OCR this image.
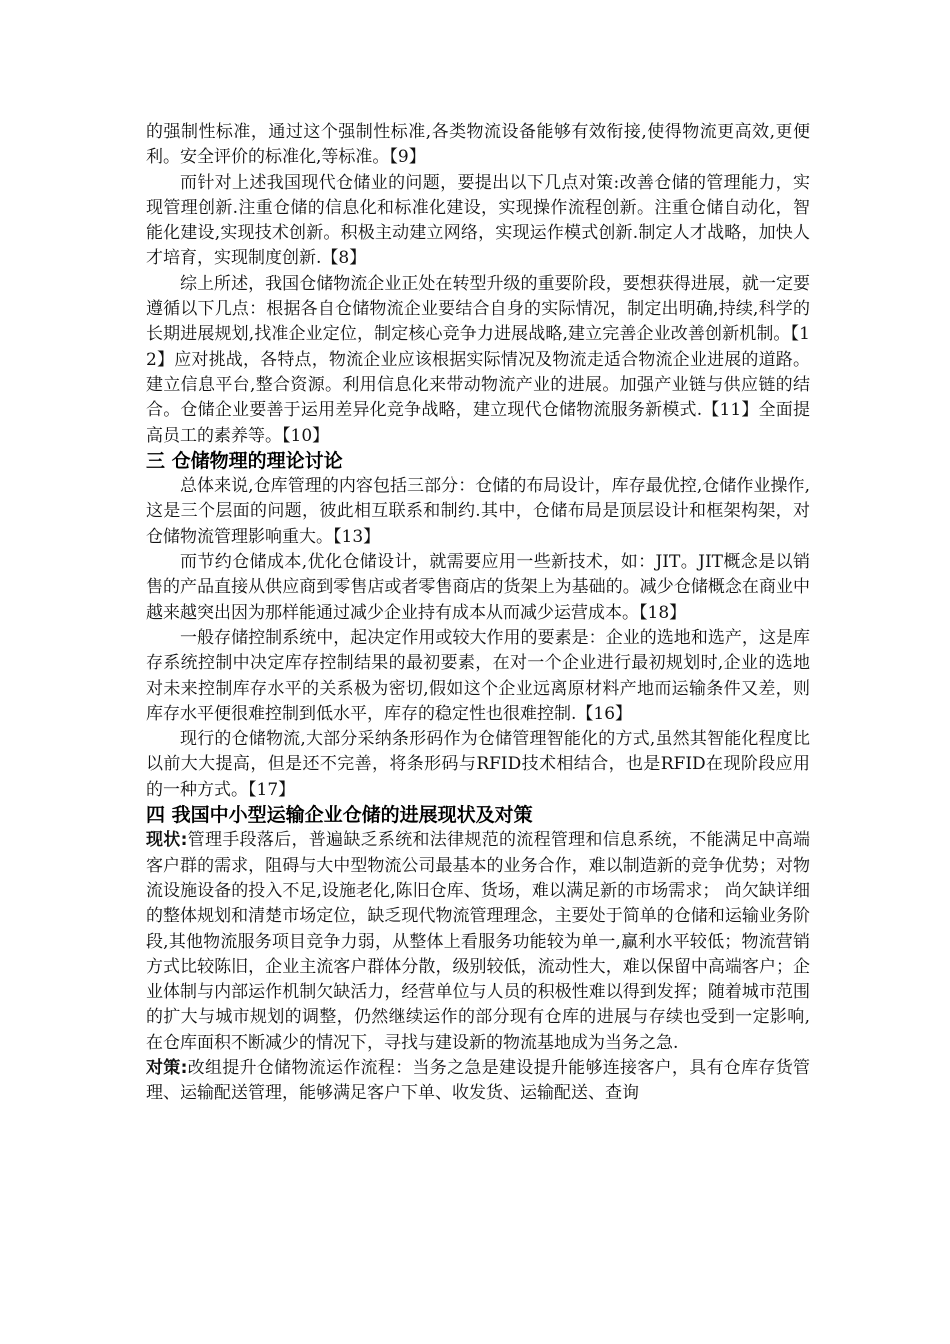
的强制性标准，通过这个强制性标准,各类物流设备能够有效衔接,使得物流更高效,更便利。安全评价的标准化,等标准。【9】

而针对上述我国现代仓储业的问题，要提出以下几点对策:改善仓储的管理能力，实现管理创新.注重仓储的信息化和标准化建设，实现操作流程创新。注重仓储自动化，智能化建设,实现技术创新。积极主动建立网络，实现运作模式创新.制定人才战略，加快人才培育，实现制度创新.【8】

综上所述，我国仓储物流企业正处在转型升级的重要阶段，要想获得进展，就一定要遵循以下几点：根据各自仓储物流企业要结合自身的实际情况，制定出明确,持续,科学的长期进展规划,找准企业定位，制定核心竞争力进展战略,建立完善企业改善创新机制。【12】应对挑战，各特点，物流企业应该根据实际情况及物流走适合物流企业进展的道路。建立信息平台,整合资源。利用信息化来带动物流产业的进展。加强产业链与供应链的结合。仓储企业要善于运用差异化竞争战略，建立现代仓储物流服务新模式.【11】全面提高员工的素养等。【10】

三 仓储物理的理论讨论

总体来说,仓库管理的内容包括三部分：仓储的布局设计，库存最优控,仓储作业操作,这是三个层面的问题，彼此相互联系和制约.其中，仓储布局是顶层设计和框架构架，对仓储物流管理影响重大。【13】

而节约仓储成本,优化仓储设计，就需要应用一些新技术，如：JIT。JIT概念是以销售的产品直接从供应商到零售店或者零售商店的货架上为基础的。减少仓储概念在商业中越来越突出因为那样能通过减少企业持有成本从而减少运营成本。【18】

一般存储控制系统中，起决定作用或较大作用的要素是：企业的选地和选产，这是库存系统控制中决定库存控制结果的最初要素，在对一个企业进行最初规划时,企业的选地对未来控制库存水平的关系极为密切,假如这个企业远离原材料产地而运输条件又差，则库存水平便很难控制到低水平，库存的稳定性也很难控制.【16】

现行的仓储物流,大部分采纳条形码作为仓储管理智能化的方式,虽然其智能化程度比以前大大提高，但是还不完善，将条形码与RFID技术相结合，也是RFID在现阶段应用的一种方式。【17】

四 我国中小型运输企业仓储的进展现状及对策

现状:管理手段落后，普遍缺乏系统和法律规范的流程管理和信息系统，不能满足中高端客户群的需求，阻碍与大中型物流公司最基本的业务合作，难以制造新的竞争优势；对物流设施设备的投入不足,设施老化,陈旧仓库、货场，难以满足新的市场需求； 尚欠缺详细的整体规划和清楚市场定位，缺乏现代物流管理理念，主要处于简单的仓储和运输业务阶段,其他物流服务项目竞争力弱，从整体上看服务功能较为单一,赢利水平较低；物流营销方式比较陈旧，企业主流客户群体分散，级别较低，流动性大，难以保留中高端客户；企业体制与内部运作机制欠缺活力，经营单位与人员的积极性难以得到发挥；随着城市范围的扩大与城市规划的调整，仍然继续运作的部分现有仓库的进展与存续也受到一定影响,在仓库面积不断减少的情况下，寻找与建设新的物流基地成为当务之急.

对策:改组提升仓储物流运作流程：当务之急是建设提升能够连接客户，具有仓库存货管理、运输配送管理，能够满足客户下单、收发货、运输配送、查询
